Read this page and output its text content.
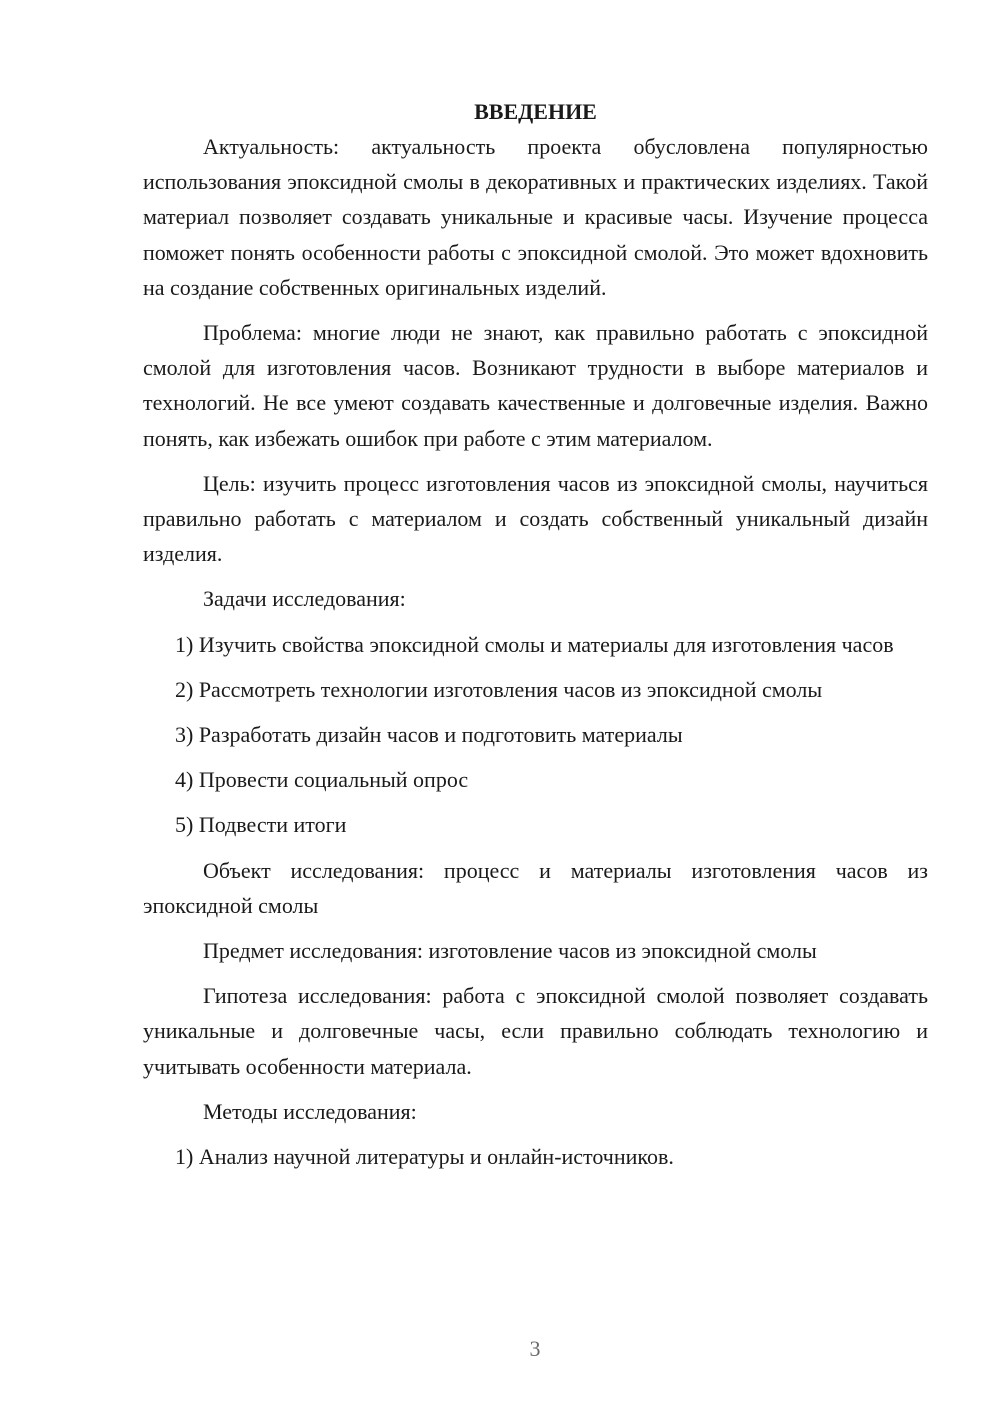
ВВЕДЕНИЕ

Актуальность: актуальность проекта обусловлена популярностью использования эпоксидной смолы в декоративных и практических изделиях. Такой материал позволяет создавать уникальные и красивые часы. Изучение процесса поможет понять особенности работы с эпоксидной смолой. Это может вдохновить на создание собственных оригинальных изделий.

Проблема: многие люди не знают, как правильно работать с эпоксидной смолой для изготовления часов. Возникают трудности в выборе материалов и технологий. Не все умеют создавать качественные и долговечные изделия. Важно понять, как избежать ошибок при работе с этим материалом.

Цель: изучить процесс изготовления часов из эпоксидной смолы, научиться правильно работать с материалом и создать собственный уникальный дизайн изделия.

Задачи исследования:

1) Изучить свойства эпоксидной смолы и материалы для изготовления часов

2) Рассмотреть технологии изготовления часов из эпоксидной смолы

3) Разработать дизайн часов и подготовить материалы

4) Провести социальный опрос

5) Подвести итоги

Объект исследования: процесс и материалы изготовления часов из эпоксидной смолы

Предмет исследования: изготовление часов из эпоксидной смолы

Гипотеза исследования: работа с эпоксидной смолой позволяет создавать уникальные и долговечные часы, если правильно соблюдать технологию и учитывать особенности материала.

Методы исследования:

1) Анализ научной литературы и онлайн-источников.

3
